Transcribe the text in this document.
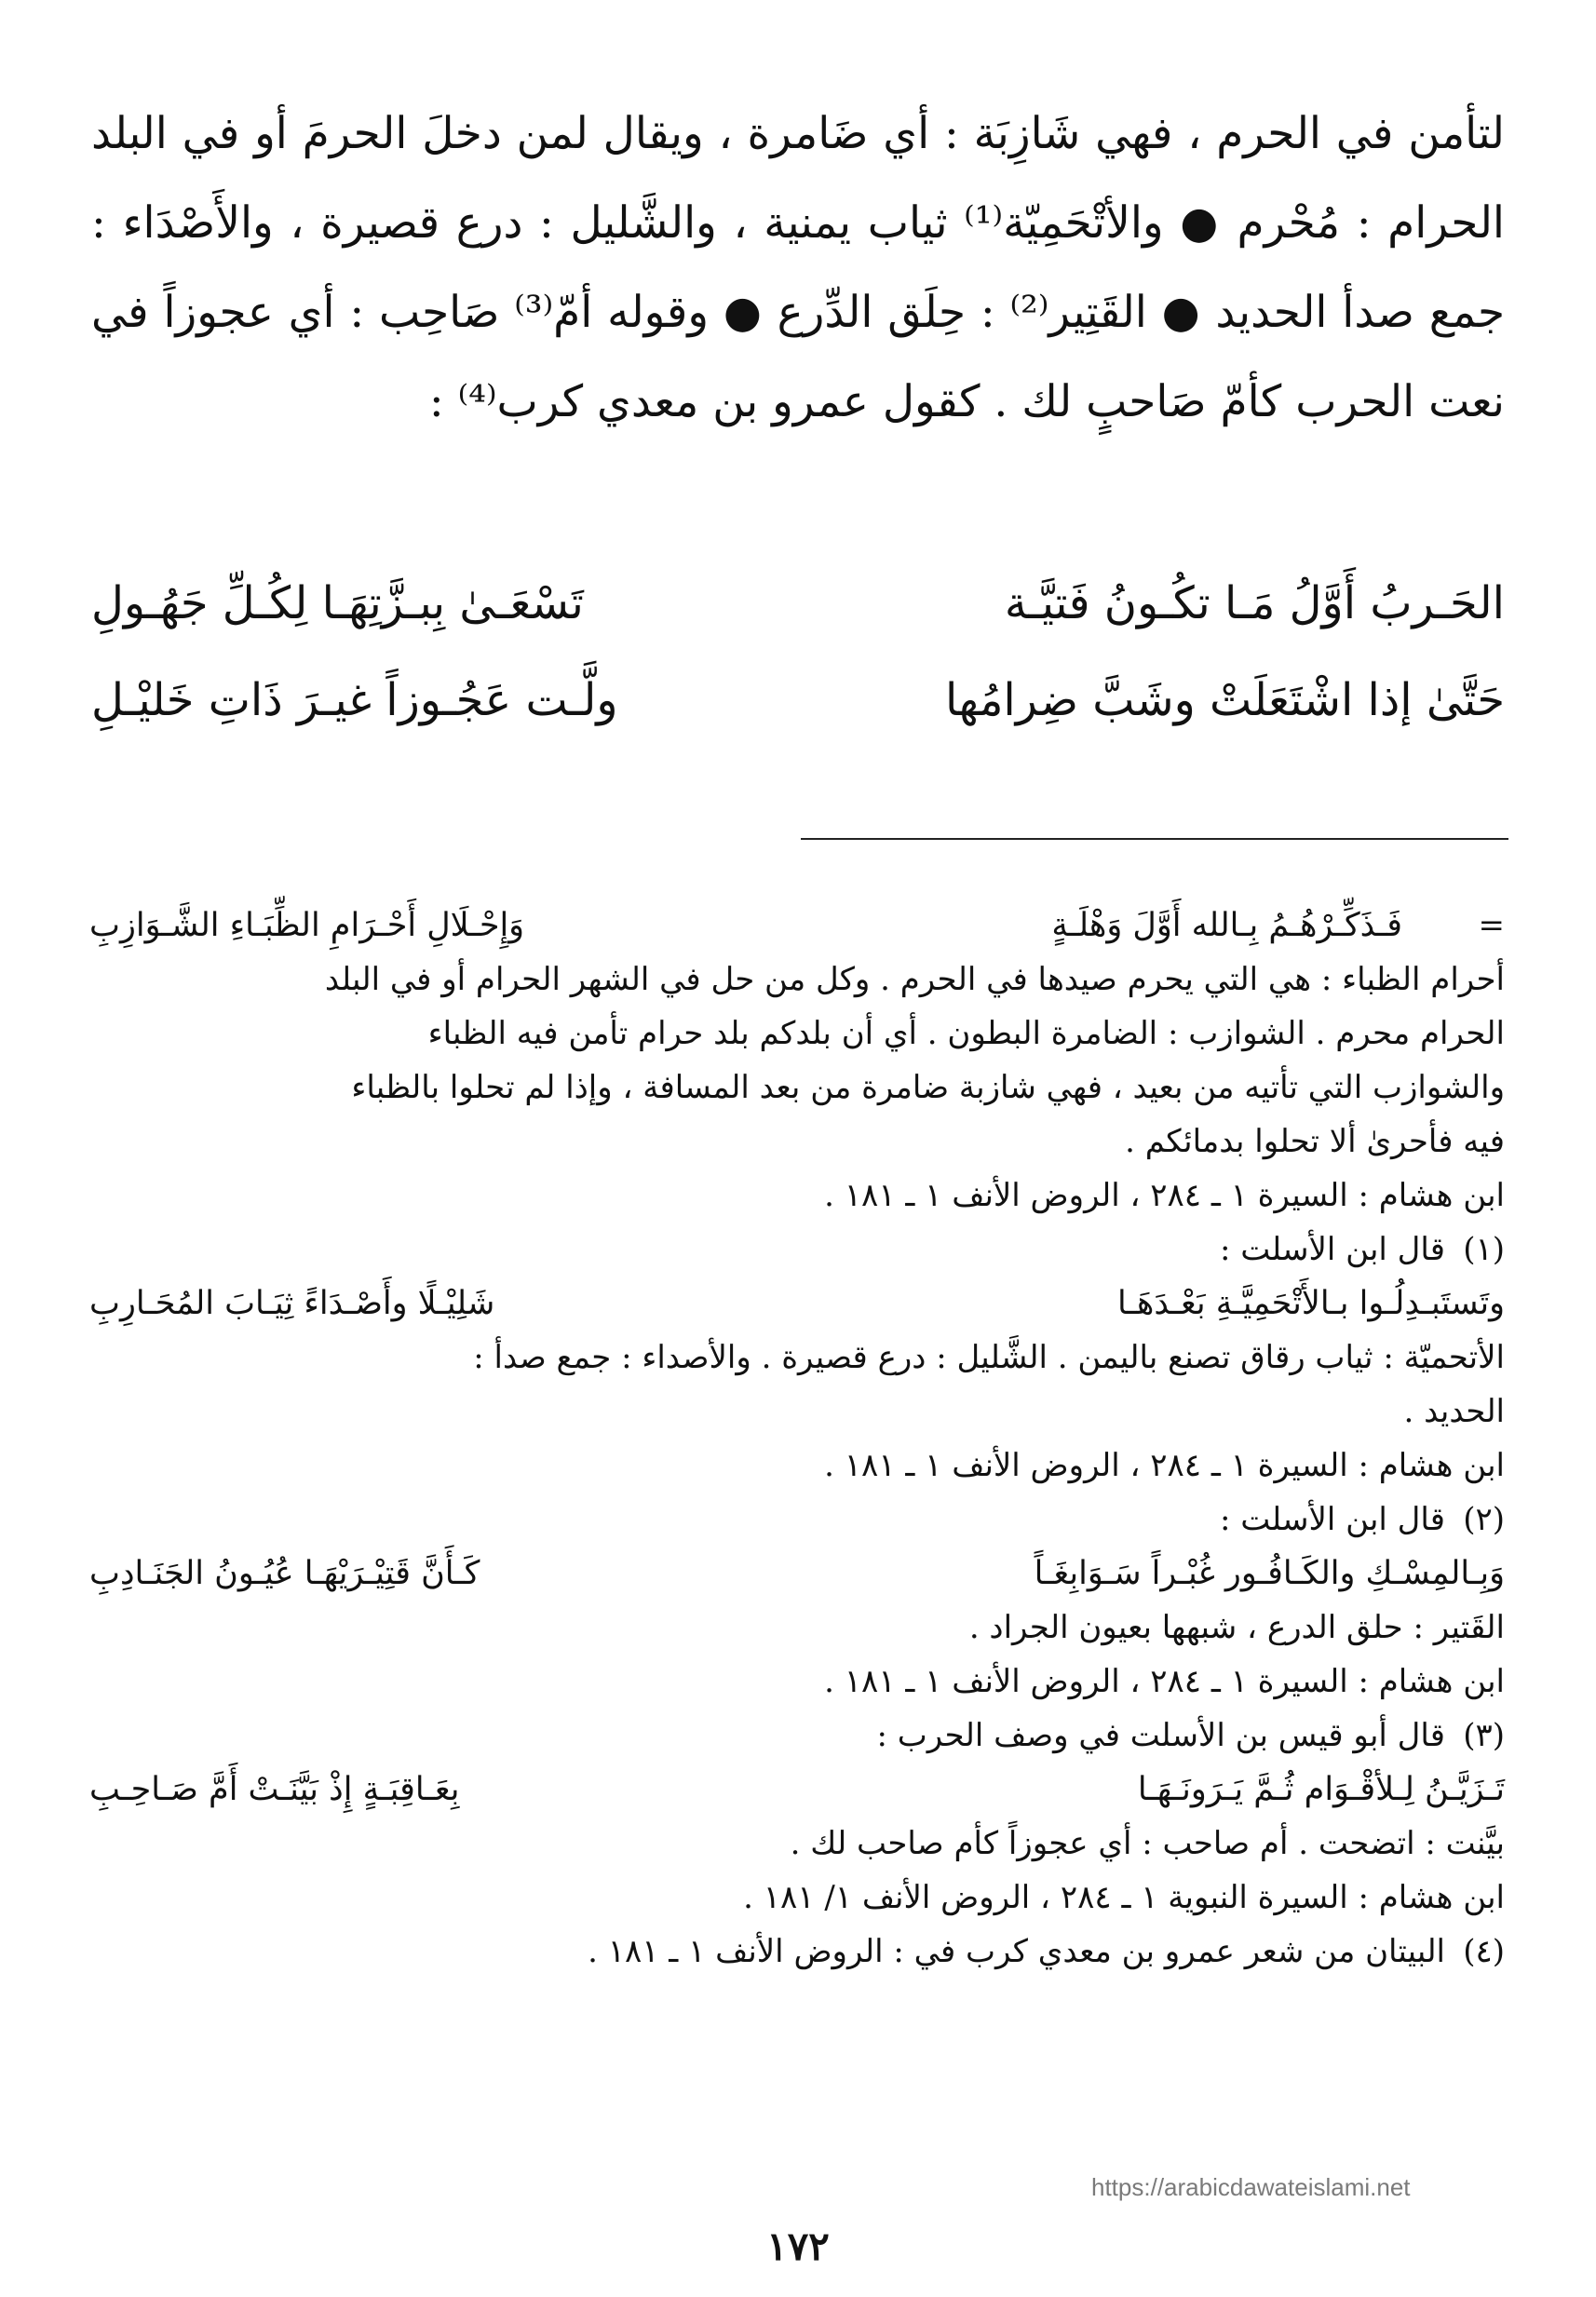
لتأمن في الحرم ، فهي شَازِبَة : أي ضَامرة ، ويقال لمن دخلَ الحرمَ أو في البلد الحرام : مُحْرم ● والأتْحَمِيّة⁽¹⁾ ثياب يمنية ، والشَّليل : درع قصيرة ، والأَصْدَاء : جمع صدأ الحديد ● القَتِير⁽²⁾ : حِلَق الدِّرع ● وقوله أمّ⁽³⁾ صَاحِب : أي عجوزاً في نعت الحرب كأمّ صَاحبٍ لك . كقول عمرو بن معدي كرب⁽⁴⁾ :

الحَـربُ أَوَّلُ مَـا تكُـونُ فَتيَّـة
تَسْعَـىٰ بِبـزَّتِهَـا لِكُـلِّ جَهُـولِ
حَتَّىٰ إذا اشْتَعَلَتْ وشَبَّ ضِرامُها
ولَّـت عَجُـوزاً غيـرَ ذَاتِ خَليْـلِ
=
فَـذَكِّـرْهُـمُ بِـالله أَوَّلَ وَهْلَـةٍ
وَإِحْـلَالِ أَحْـرَامِ الظِّبَـاءِ الشَّـوَازِبِ
أحرام الظباء : هي التي يحرم صيدها في الحرم . وكل من حل في الشهر الحرام أو في البلد
الحرام محرم . الشوازب : الضامرة البطون . أي أن بلدكم بلد حرام تأمن فيه الظباء
والشوازب التي تأتيه من بعيد ، فهي شازبة ضامرة من بعد المسافة ، وإذا لم تحلوا بالظباء
فيه فأحرىٰ ألا تحلوا بدمائكم .
ابن هشام : السيرة ١ ـ ٢٨٤ ، الروض الأنف ١ ـ ١٨١ .
(١)قال ابن الأسلت :
وتَستَبـدِلُـوا بـالأَتْحَمِيَّـةِ بَعْـدَهَـا
شَلِيْـلًا وأَصْـدَاءً ثِيَـابَ المُحَـارِبِ
الأتحميّة : ثياب رقاق تصنع باليمن . الشَّليل : درع قصيرة . والأصداء : جمع صدأ :
الحديد .
ابن هشام : السيرة ١ ـ ٢٨٤ ، الروض الأنف ١ ـ ١٨١ .
(٢)قال ابن الأسلت :
وَبِـالمِسْـكِ والكَـافُـور غُبْـراً سَـوَابِغَـاً
كَـأَنَّ قَتِيْـرَيْهَـا عُيُـونُ الجَنَـادِبِ
القَتير : حلق الدرع ، شبهها بعيون الجراد .
ابن هشام : السيرة ١ ـ ٢٨٤ ، الروض الأنف ١ ـ ١٨١ .
(٣)قال أبو قيس بن الأسلت في وصف الحرب :
تَـزَيَّـنُ لِـلأقْـوَام ثُـمَّ يَـرَونَـهَـا
بِعَـاقِبَـةٍ إِذْ بَيَّنَـتْ أَمَّ صَـاحِـبِ
بيَّنت : اتضحت . أم صاحب : أي عجوزاً كأم صاحب لك .
ابن هشام : السيرة النبوية ١ ـ ٢٨٤ ، الروض الأنف ١/ ١٨١ .
(٤)البيتان من شعر عمرو بن معدي كرب في : الروض الأنف ١ ـ ١٨١ .
https://arabicdawateislami.net
١٧٢
